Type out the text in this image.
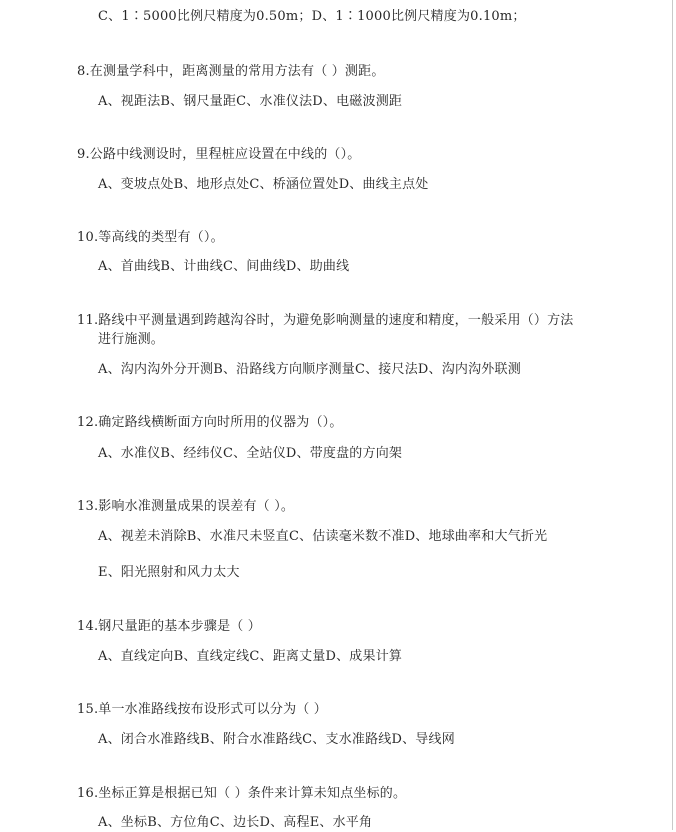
C、1∶5000比例尺精度为0.50m；D、1∶1000比例尺精度为0.10m；
8.在测量学科中，距离测量的常用方法有（ ）测距。
A、视距法B、钢尺量距C、水准仪法D、电磁波测距
9.公路中线测设时，里程桩应设置在中线的（）。
A、变坡点处B、地形点处C、桥涵位置处D、曲线主点处
10.等高线的类型有（）。
A、首曲线B、计曲线C、间曲线D、助曲线
11.路线中平测量遇到跨越沟谷时，为避免影响测量的速度和精度，一般采用（）方法
进行施测。
A、沟内沟外分开测B、沿路线方向顺序测量C、接尺法D、沟内沟外联测
12.确定路线横断面方向时所用的仪器为（）。
A、水准仪B、经纬仪C、全站仪D、带度盘的方向架
13.影响水准测量成果的误差有（ ）。
A、视差未消除B、水准尺未竖直C、估读毫米数不准D、地球曲率和大气折光
E、阳光照射和风力太大
14.钢尺量距的基本步骤是（ ）
A、直线定向B、直线定线C、距离丈量D、成果计算
15.单一水准路线按布设形式可以分为（ ）
A、闭合水准路线B、附合水准路线C、支水准路线D、导线网
16.坐标正算是根据已知（ ）条件来计算未知点坐标的。
A、坐标B、方位角C、边长D、高程E、水平角
